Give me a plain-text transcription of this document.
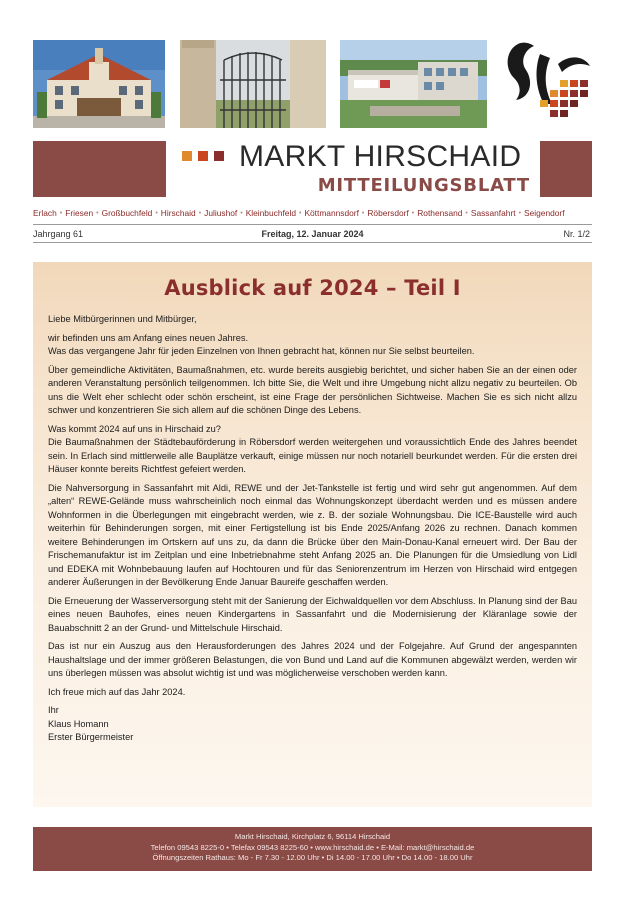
MARKT HIRSCHAID
MITTEILUNGSBLATT
Erlach • Friesen • Großbuchfeld • Hirschaid • Juliushof • Kleinbuchfeld • Köttmannsdorf • Röbersdorf • Rothensand • Sassanfahrt • Seigendorf
Jahrgang 61	Freitag, 12. Januar 2024	Nr. 1/2
Ausblick auf 2024 – Teil I

Liebe Mitbürgerinnen und Mitbürger,

wir befinden uns am Anfang eines neuen Jahres.

Was das vergangene Jahr für jeden Einzelnen von Ihnen gebracht hat, können nur Sie selbst beurteilen.

Über gemeindliche Aktivitäten, Baumaßnahmen, etc. wurde bereits ausgiebig berichtet, und sicher haben Sie an der einen oder anderen Veranstaltung persönlich teilgenommen. Ich bitte Sie, die Welt und ihre Umgebung nicht allzu negativ zu beurteilen. Ob uns die Welt eher schlecht oder schön erscheint, ist eine Frage der persönlichen Sichtweise. Machen Sie es sich nicht allzu schwer und konzentrieren Sie sich allem auf die schönen Dinge des Lebens.

Was kommt 2024 auf uns in Hirschaid zu?

Die Baumaßnahmen der Städtebauförderung in Röbersdorf werden weitergehen und voraussichtlich Ende des Jahres beendet sein. In Erlach sind mittlerweile alle Bauplätze verkauft, einige müssen nur noch notariell beurkundet werden. Für die ersten drei Häuser konnte bereits Richtfest gefeiert werden.

Die Nahversorgung in Sassanfahrt mit Aldi, REWE und der Jet-Tankstelle ist fertig und wird sehr gut angenommen. Auf dem „alten“ REWE-Gelände muss wahrscheinlich noch einmal das Wohnungskonzept überdacht werden und es müssen andere Wohnformen in die Überlegungen mit eingebracht werden, wie z. B. der soziale Wohnungsbau. Die ICE-Baustelle wird auch weiterhin für Behinderungen sorgen, mit einer Fertigstellung ist bis Ende 2025/Anfang 2026 zu rechnen. Danach kommen weitere Behinderungen im Ortskern auf uns zu, da dann die Brücke über den Main-Donau-Kanal erneuert wird. Der Bau der Frischemanufaktur ist im Zeitplan und eine Inbetriebnahme steht Anfang 2025 an. Die Planungen für die Umsiedlung von Lidl und EDEKA mit Wohnbebauung laufen auf Hochtouren und für das Seniorenzentrum im Herzen von Hirschaid wird entgegen anderer Äußerungen in der Bevölkerung Ende Januar Baureife geschaffen werden.

Die Erneuerung der Wasserversorgung steht mit der Sanierung der Eichwaldquellen vor dem Abschluss. In Planung sind der Bau eines neuen Bauhofes, eines neuen Kindergartens in Sassanfahrt und die Modernisierung der Kläranlage sowie der Bauabschnitt 2 an der Grund- und Mittelschule Hirschaid.

Das ist nur ein Auszug aus den Herausforderungen des Jahres 2024 und der Folgejahre. Auf Grund der angespannten Haushaltslage und der immer größeren Belastungen, die von Bund und Land auf die Kommunen abgewälzt werden, werden wir uns überlegen müssen was absolut wichtig ist und was möglicherweise verschoben werden kann.

Ich freue mich auf das Jahr 2024.

Ihr

Klaus Homann

Erster Bürgermeister

Markt Hirschaid, Kirchplatz 6, 96114 Hirschaid
Telefon 09543 8225-0 • Telefax 09543 8225-60 • www.hirschaid.de • E-Mail: markt@hirschaid.de
Öffnungszeiten Rathaus: Mo - Fr 7.30 - 12.00 Uhr • Di 14.00 - 17.00 Uhr • Do 14.00 - 18.00 Uhr
